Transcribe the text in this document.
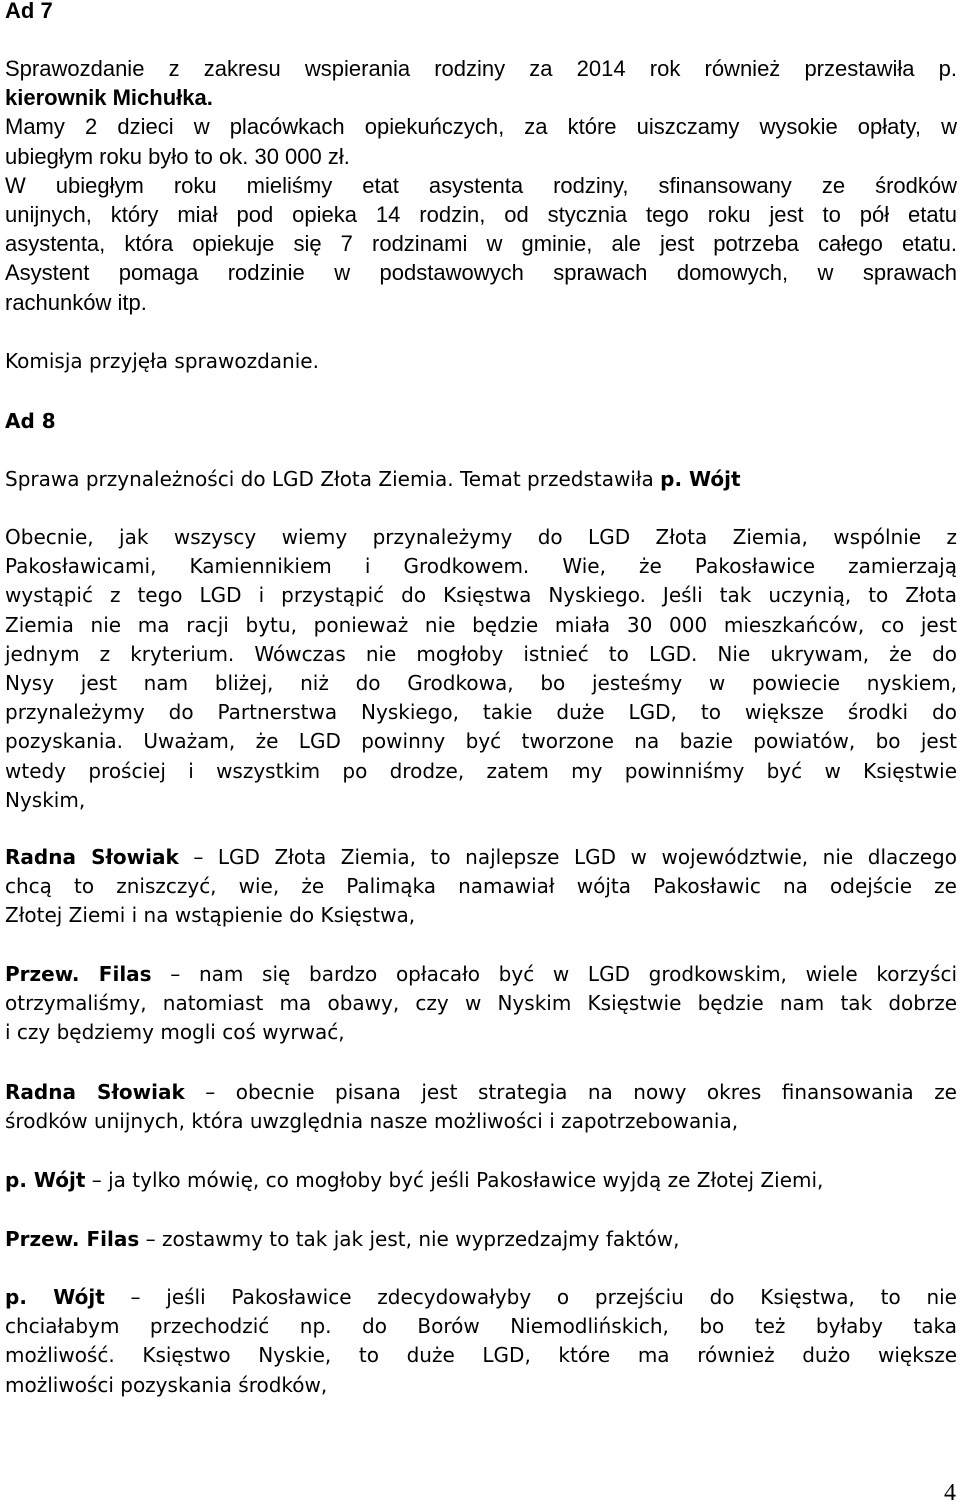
Ad 7
Sprawozdanie z zakresu wspierania rodziny za 2014 rok również przestawiła p.
kierownik Michułka.
Mamy 2 dzieci w placówkach opiekuńczych, za które uiszczamy wysokie opłaty, w
ubiegłym roku było to ok. 30 000 zł.
W ubiegłym roku mieliśmy etat asystenta rodziny, sfinansowany ze środków
unijnych, który miał pod opieka 14 rodzin, od stycznia tego roku jest to pół etatu
asystenta, która opiekuje się 7 rodzinami w gminie, ale jest potrzeba całego etatu.
Asystent pomaga rodzinie w podstawowych sprawach domowych, w sprawach
rachunków itp.
Komisja przyjęła sprawozdanie.
Ad 8
Sprawa przynależności do LGD Złota Ziemia. Temat przedstawiła p. Wójt
Obecnie, jak wszyscy wiemy przynależymy do LGD Złota Ziemia, wspólnie z
Pakosławicami, Kamiennikiem i Grodkowem. Wie, że Pakosławice zamierzają
wystąpić z tego LGD i przystąpić do Księstwa Nyskiego. Jeśli tak uczynią, to Złota
Ziemia nie ma racji bytu, ponieważ nie będzie miała 30 000 mieszkańców, co jest
jednym z kryterium. Wówczas nie mogłoby istnieć to LGD. Nie ukrywam, że do
Nysy jest nam bliżej, niż do Grodkowa, bo jesteśmy w powiecie nyskiem,
przynależymy do Partnerstwa Nyskiego, takie duże LGD, to większe środki do
pozyskania. Uważam, że LGD powinny być tworzone na bazie powiatów, bo jest
wtedy prościej i wszystkim po drodze, zatem my powinniśmy być w Księstwie
Nyskim,
Radna Słowiak – LGD Złota Ziemia, to najlepsze LGD w województwie, nie dlaczego
chcą to zniszczyć, wie, że Palimąka namawiał wójta Pakosławic na odejście ze
Złotej Ziemi i na wstąpienie do Księstwa,
Przew. Filas – nam się bardzo opłacało być w LGD grodkowskim, wiele korzyści
otrzymaliśmy, natomiast ma obawy, czy w Nyskim Księstwie będzie nam tak dobrze
i czy będziemy mogli coś wyrwać,
Radna Słowiak – obecnie pisana jest strategia na nowy okres finansowania ze
środków unijnych, która uwzględnia nasze możliwości i zapotrzebowania,
p. Wójt – ja tylko mówię, co mogłoby być jeśli Pakosławice wyjdą ze Złotej Ziemi,
Przew. Filas – zostawmy to tak jak jest, nie wyprzedzajmy faktów,
p. Wójt – jeśli Pakosławice zdecydowałyby o przejściu do Księstwa, to nie
chciałabym przechodzić np. do Borów Niemodlińskich, bo też byłaby taka
możliwość. Księstwo Nyskie, to duże LGD, które ma również dużo większe
możliwości pozyskania środków,
4
